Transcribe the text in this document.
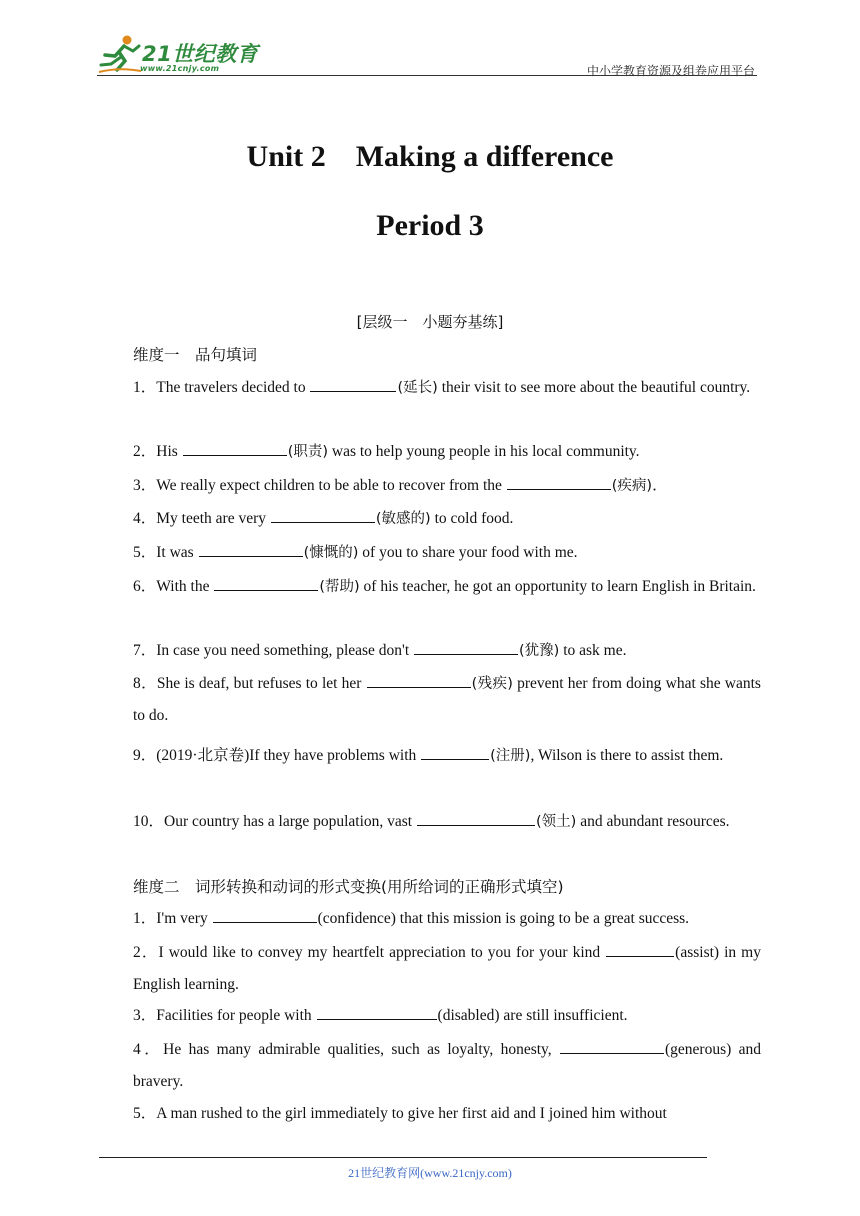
21世纪教育
www.21cnjy.com	中小学教育资源及组卷应用平台
Unit 2　Making a difference
Period 3
[层级一　小题夯基练]
维度一　品句填词
1．The travelers decided to	(延长) their visit to see more about the beautiful country.
2．His	(职责) was to help young people in his local community.
3．We really expect children to be able to recover from the	(疾病)．
4．My teeth are very	(敏感的) to cold food.
5．It was	(慷慨的) of you to share your food with me.
6．With the	(帮助) of his teacher, he got an opportunity to learn English in Britain.
7．In case you need something, please don't	(犹豫) to ask me.
8．She is deaf, but refuses to let her	(残疾) prevent her from doing what she wants to do.
9．(2019·北京卷)If they have problems with	(注册), Wilson is there to assist them.
10．Our country has a large population, vast	(领土) and abundant resources.
维度二　词形转换和动词的形式变换(用所给词的正确形式填空)
1．I'm very	(confidence) that this mission is going to be a great success.
2．I would like to convey my heartfelt appreciation to you for your kind	(assist) in my English learning.
3．Facilities for people with	(disabled) are still insufficient.
4．He has many admirable qualities, such as loyalty, honesty,	(generous) and bravery.
5．A man rushed to the girl immediately to give her first aid and I joined him without
21世纪教育网(www.21cnjy.com)
